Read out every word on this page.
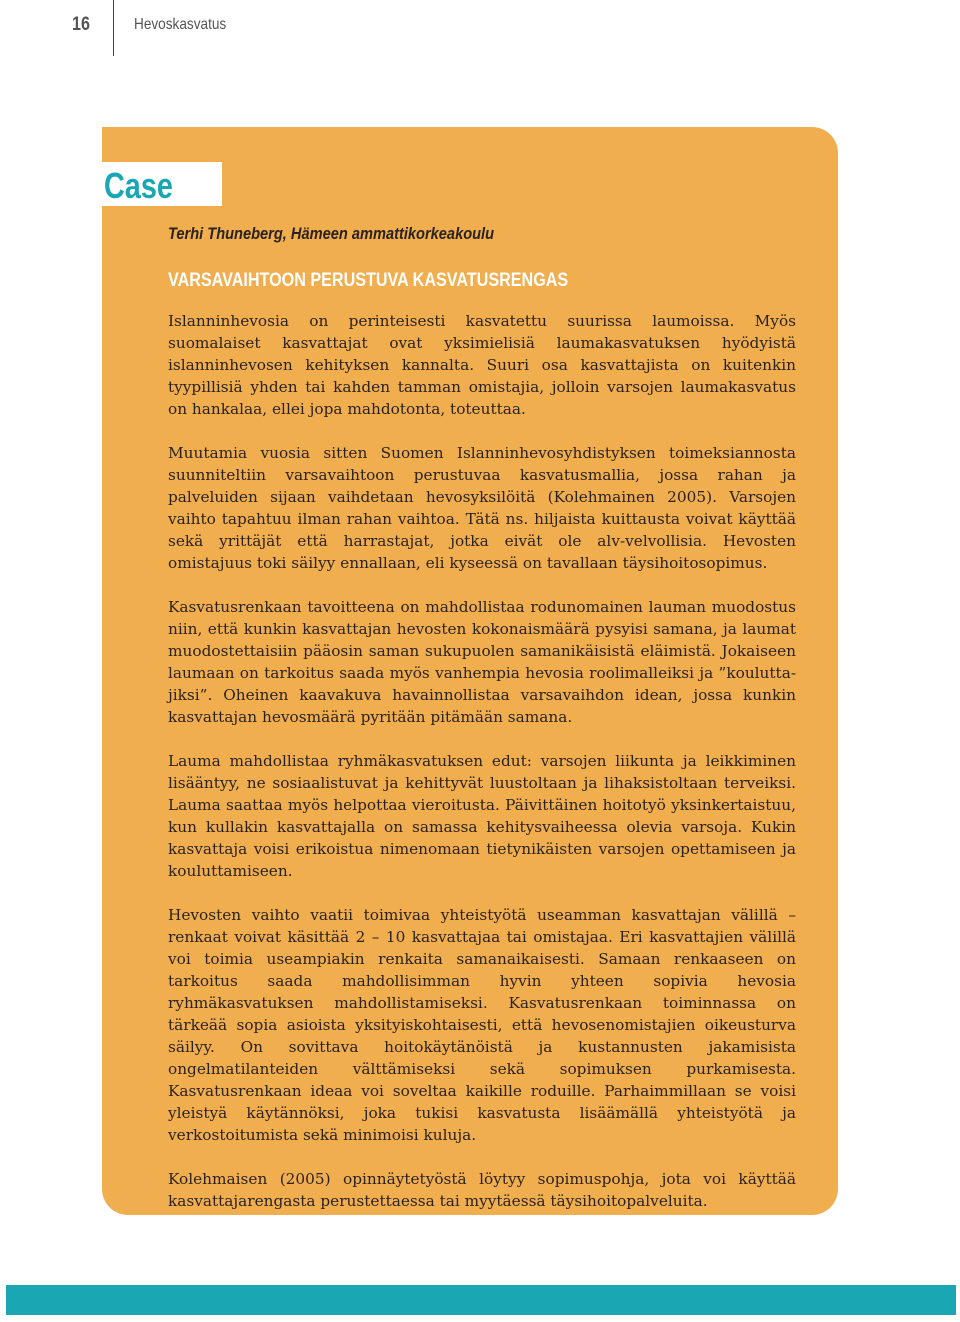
16	Hevoskasvatus
Case

Terhi Thuneberg, Hämeen ammattikorkeakoulu

VARSAVAIHTOON PERUSTUVA KASVATUSRENGAS

Islanninhevosia on perinteisesti kasvatettu suurissa laumoissa. Myös suomalaiset kasvattajat ovat yksimielisiä laumakasvatuksen hyödyistä islanninhevosen kehityksen kannalta. Suuri osa kasvattajista on kuitenkin tyypillisiä yhden tai kahden tamman omistajia, jolloin varsojen laumakasvatus on hankalaa, ellei jopa mahdotonta, toteuttaa.

Muutamia vuosia sitten Suomen Islanninhevosyhdistyksen toimeksiannosta suunniteltiin varsavaihtoon perustuvaa kasvatusmallia, jossa rahan ja palveluiden sijaan vaihdetaan hevosyksilöitä (Kolehmainen 2005). Varsojen vaihto tapahtuu ilman rahan vaihtoa. Tätä ns. hiljaista kuittausta voivat käyttää sekä yrittäjät että harrastajat, jotka eivät ole alv-velvollisia. Hevosten omistajuus toki säilyy ennallaan, eli kyseessä on tavallaan täysihoitosopimus.

Kasvatusrenkaan tavoitteena on mahdollistaa rodunomainen lauman muodostus niin, että kunkin kasvattajan hevosten kokonaismäärä pysyisi samana, ja laumat muodostettaisiin pääosin saman sukupuolen samanikäisistä eläimistä. Jokaiseen laumaan on tarkoitus saada myös vanhempia hevosia roolimalleiksi ja ”kouluttajiksi”. Oheinen kaavakuva havainnollistaa varsavaihdon idean, jossa kunkin kasvattajan hevosmäärä pyritään pitämään samana.

Lauma mahdollistaa ryhmäkasvatuksen edut: varsojen liikunta ja leikkiminen lisääntyy, ne sosiaalistuvat ja kehittyvät luustoltaan ja lihaksistoltaan terveiksi. Lauma saattaa myös helpottaa vieroitusta. Päivittäinen hoitotyö yksinkertaistuu, kun kullakin kasvattajalla on samassa kehitysvaiheessa olevia varsoja. Kukin kasvattaja voisi erikoistua nimenomaan tietynikäisten varsojen opettamiseen ja kouluttamiseen.

Hevosten vaihto vaatii toimivaa yhteistyötä useamman kasvattajan välillä – renkaat voivat käsittää 2 – 10 kasvattajaa tai omistajaa. Eri kasvattajien välillä voi toimia useampiakin renkaita samanaikaisesti. Samaan renkaaseen on tarkoitus saada mahdollisimman hyvin yhteen sopivia hevosia ryhmäkasvatuksen mahdollistamiseksi. Kasvatusrenkaan toiminnassa on tärkeää sopia asioista yksityiskohtaisesti, että hevosenomistajien oikeusturva säilyy. On sovittava hoitokäytänöistä ja kustannusten jakamisista ongelmatilanteiden välttämiseksi sekä sopimuksen purkamisesta. Kasvatusrenkaan ideaa voi soveltaa kaikille roduille. Parhaimmillaan se voisi yleistyä käytännöksi, joka tukisi kasvatusta lisäämällä yhteistyötä ja verkostoitumista sekä minimoisi kuluja.

Kolehmaisen (2005) opinnäytetyöstä löytyy sopimuspohja, jota voi käyttää kasvattajarengasta perustettaessa tai myytäessä täysihoitopalveluita.
